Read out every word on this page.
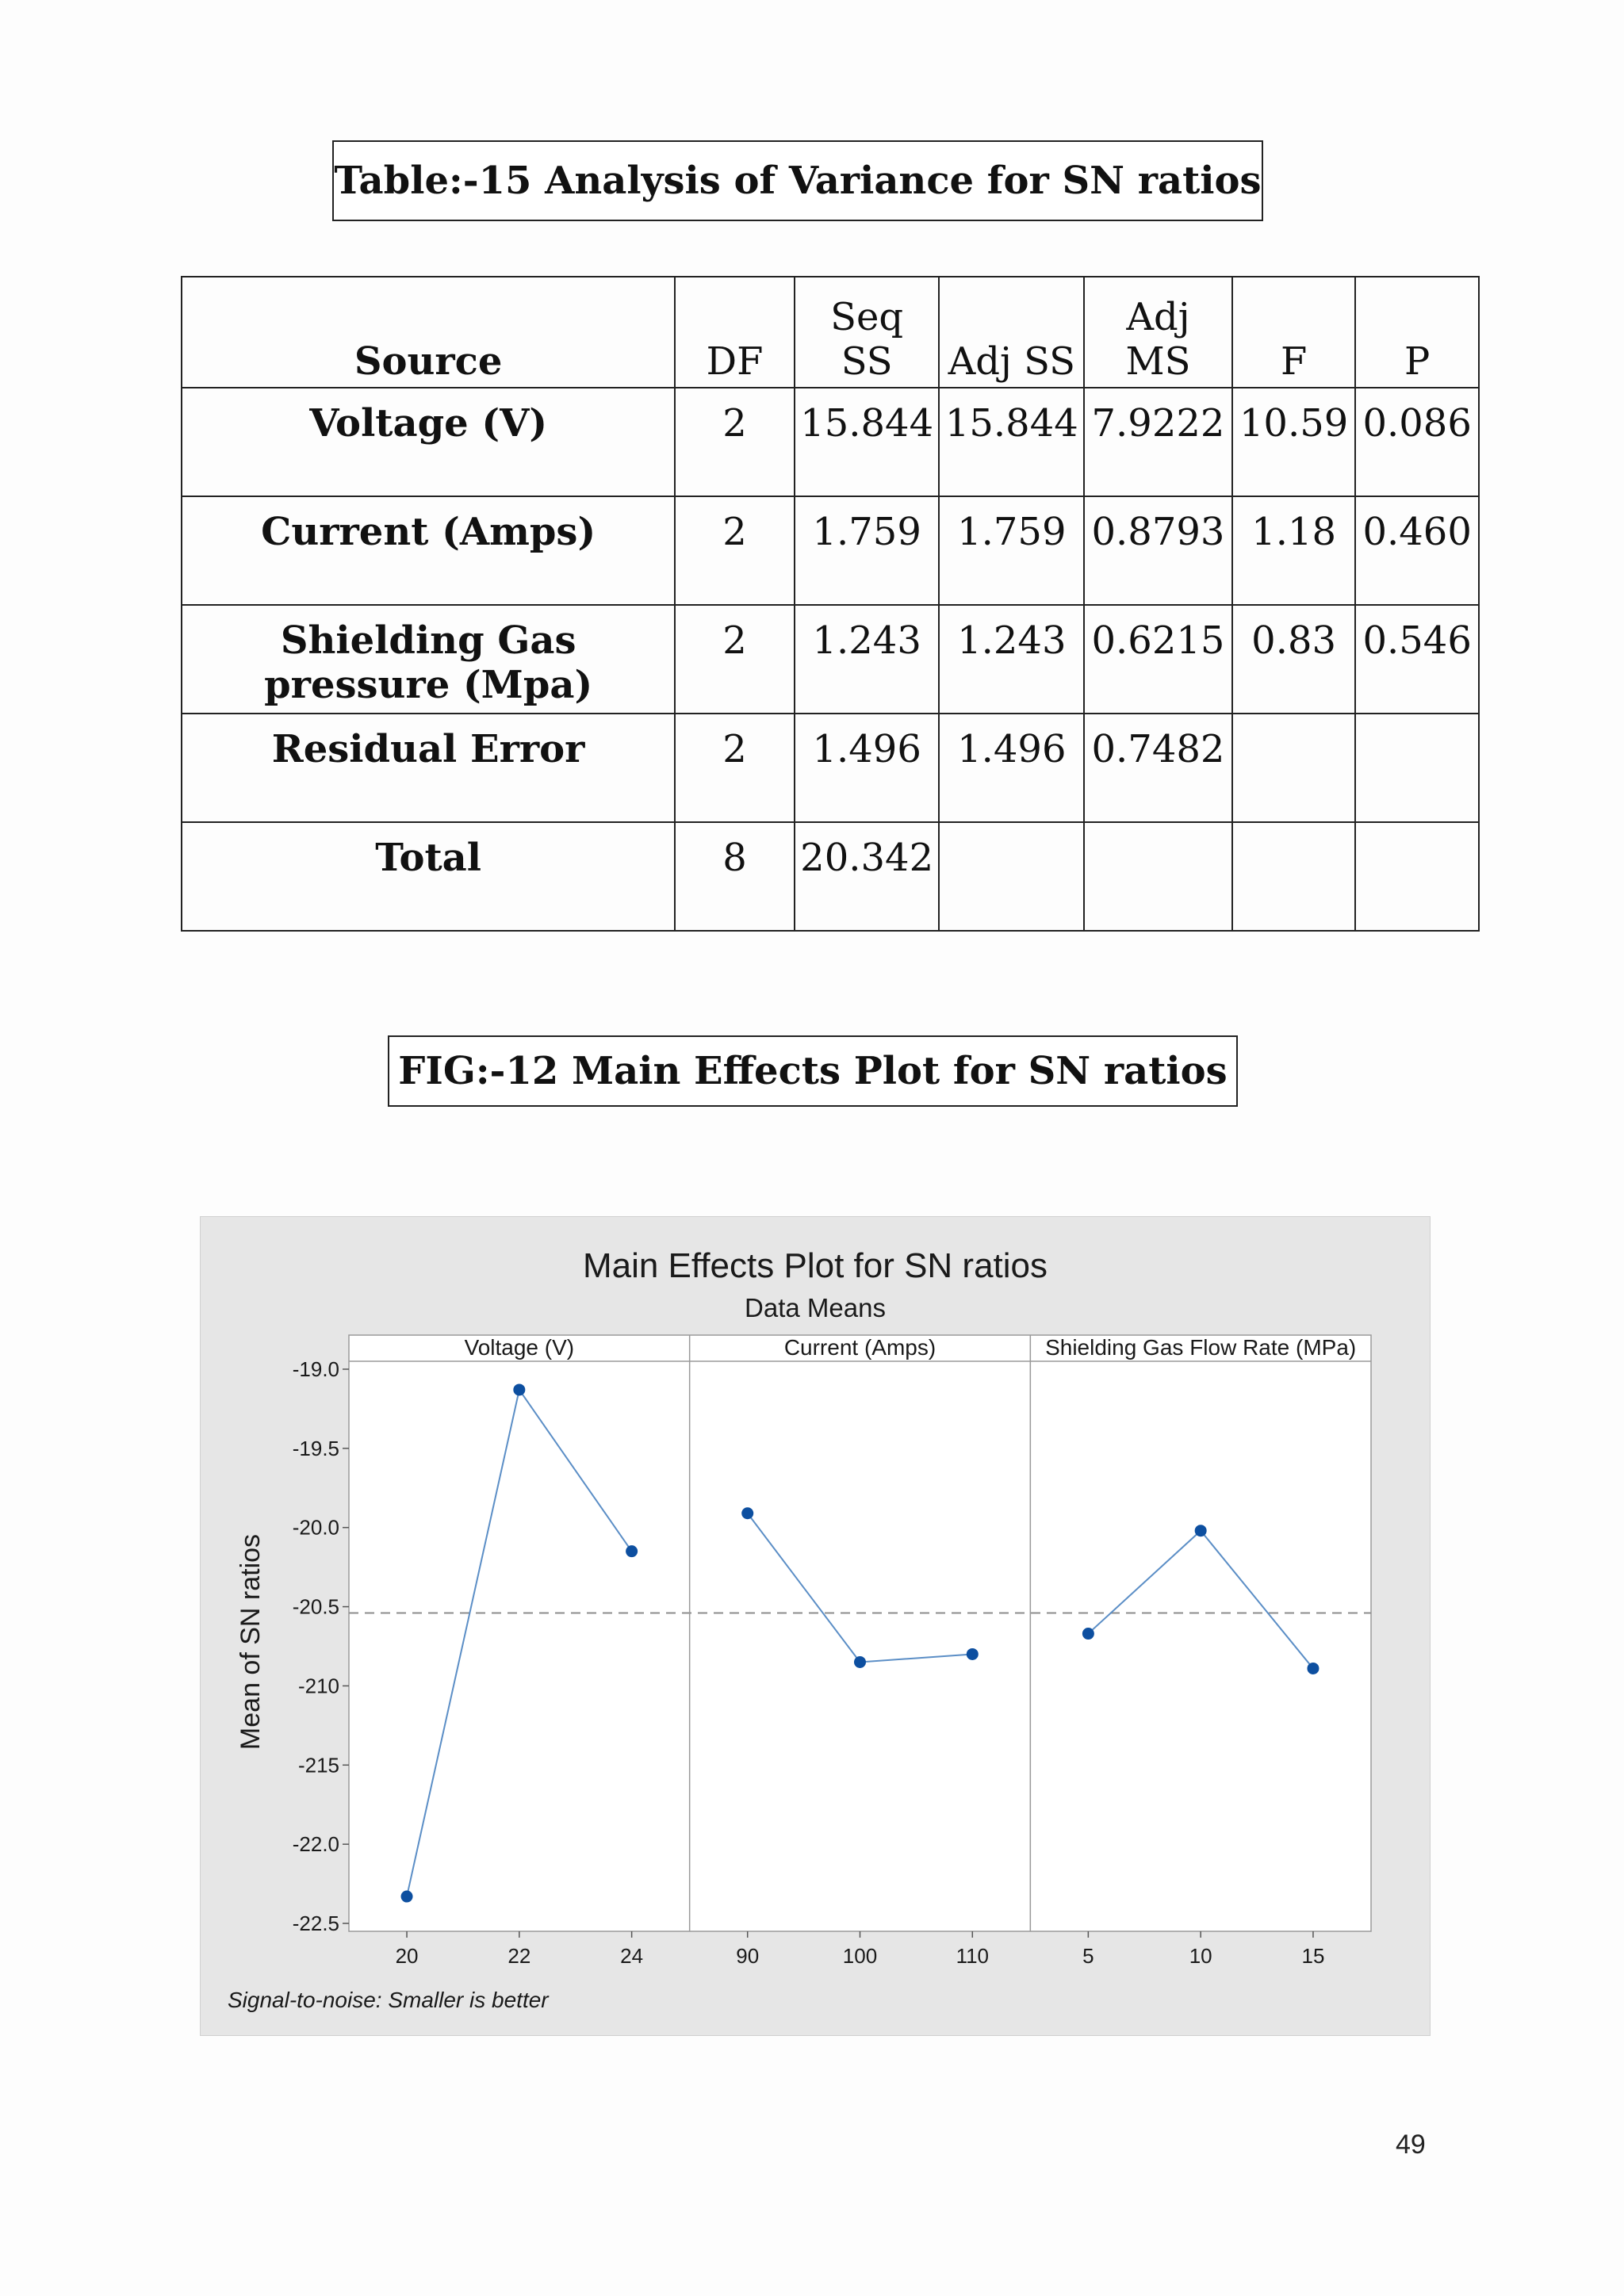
Table:-15 Analysis of Variance for SN ratios
Source	DF	Seq SS	Adj SS	Adj MS	F	P
Voltage (V)	2	15.844	15.844	7.9222	10.59	0.086
Current (Amps)	2	1.759	1.759	0.8793	1.18	0.460
Shielding Gas pressure (Mpa)	2	1.243	1.243	0.6215	0.83	0.546
Residual Error	2	1.496	1.496	0.7482		
Total	8	20.342				
FIG:-12 Main Effects Plot for SN ratios
Main Effects Plot for SN ratios
Data Means
Mean of SN ratios
Signal-to-noise: Smaller is better
-19.0
-19.5
-20.0
-20.5
-210
-215
-22.0
-22.5
Voltage (V)
20	22	24
Current (Amps)
90	100	110
Shielding Gas Flow Rate (MPa)
5	10	15
49
